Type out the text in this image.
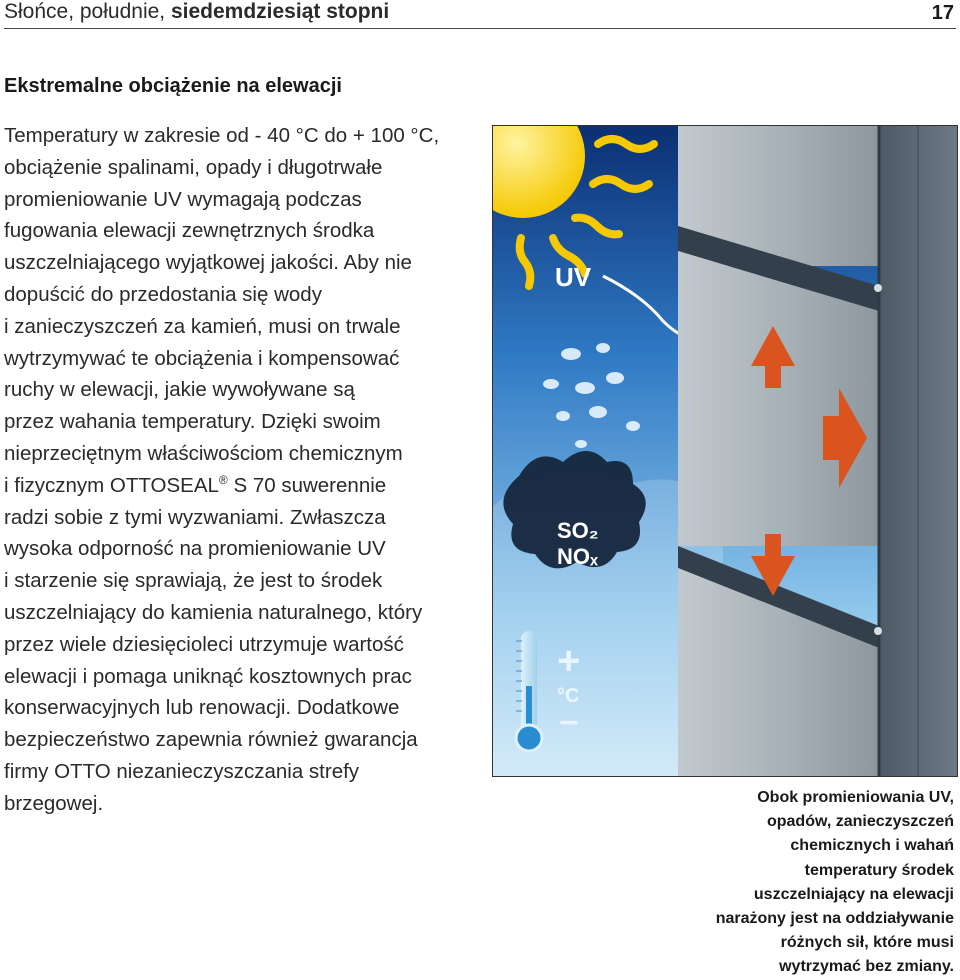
Słońce, południe, siedemdziesiąt stopni	17
Ekstremalne obciążenie na elewacji
Temperatury w zakresie od - 40 °C do + 100 °C,
obciążenie spalinami, opady i długotrwałe
promieniowanie UV wymagają podczas
fugowania elewacji zewnętrznych środka
uszczelniającego wyjątkowej jakości. Aby nie
dopuścić do przedostania się wody
i zanieczyszczeń za kamień, musi on trwale
wytrzymywać te obciążenia i kompensować
ruchy w elewacji, jakie wywoływane są
przez wahania temperatury. Dzięki swoim
nieprzeciętnym właściwościom chemicznym
i fizycznym OTTOSEAL® S 70 suwerennie
radzi sobie z tymi wyzwaniami. Zwłaszcza
wysoka odporność na promieniowanie UV
i starzenie się sprawiają, że jest to środek
uszczelniający do kamienia naturalnego, który
przez wiele dziesięcioleci utrzymuje wartość
elewacji i pomaga uniknąć kosztownych prac
konserwacyjnych lub renowacji. Dodatkowe
bezpieczeństwo zapewnia również gwarancja
firmy OTTO niezanieczyszczania strefy
brzegowej.
UV
SO₂
NOₓ
+
°C
−
Obok promieniowania UV,
opadów, zanieczyszczeń
chemicznych i wahań
temperatury środek
uszczelniający na elewacji
narażony jest na oddziaływanie
różnych sił, które musi
wytrzymać bez zmiany.
